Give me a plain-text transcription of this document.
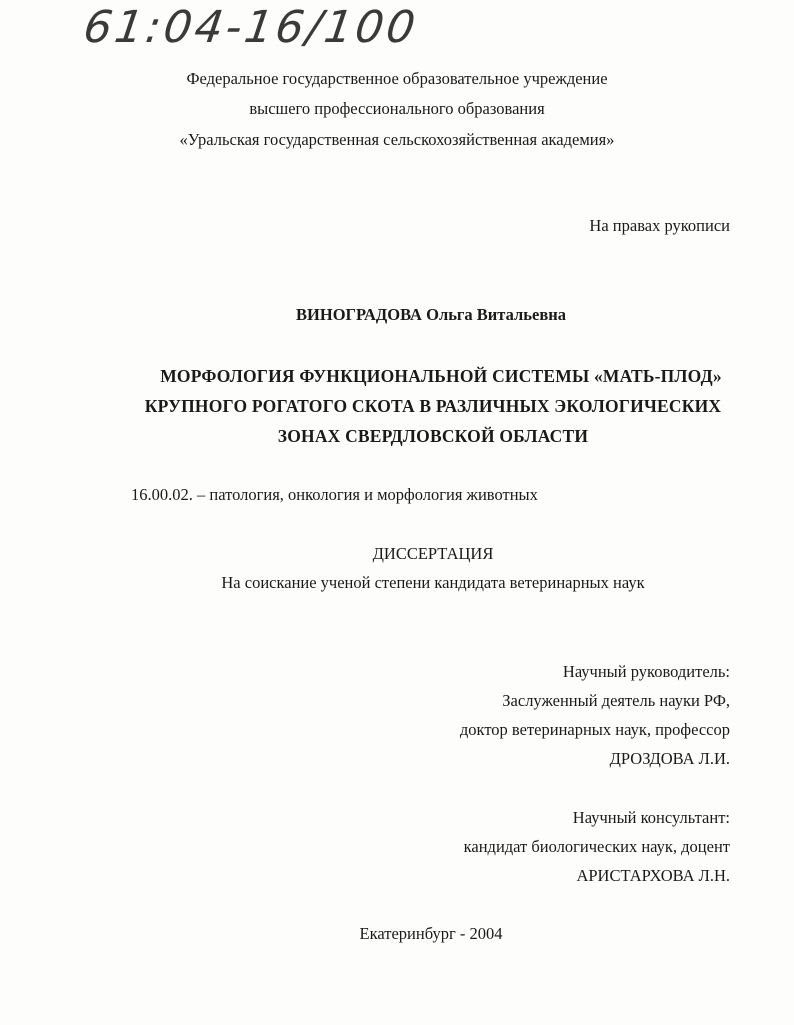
61:04-16/100
Федеральное государственное образовательное учреждение
высшего профессионального образования
«Уральская государственная сельскохозяйственная академия»
На правах рукописи
ВИНОГРАДОВА Ольга Витальевна
МОРФОЛОГИЯ ФУНКЦИОНАЛЬНОЙ СИСТЕМЫ «МАТЬ-ПЛОД»
КРУПНОГО РОГАТОГО СКОТА В РАЗЛИЧНЫХ ЭКОЛОГИЧЕСКИХ
ЗОНАХ СВЕРДЛОВСКОЙ ОБЛАСТИ
16.00.02. – патология, онкология и морфология животных
ДИССЕРТАЦИЯ
На соискание ученой степени кандидата ветеринарных наук
Научный руководитель:
Заслуженный деятель науки РФ,
доктор ветеринарных наук, профессор
ДРОЗДОВА Л.И.
Научный консультант:
кандидат биологических наук, доцент
АРИСТАРХОВА Л.Н.
Екатеринбург - 2004
